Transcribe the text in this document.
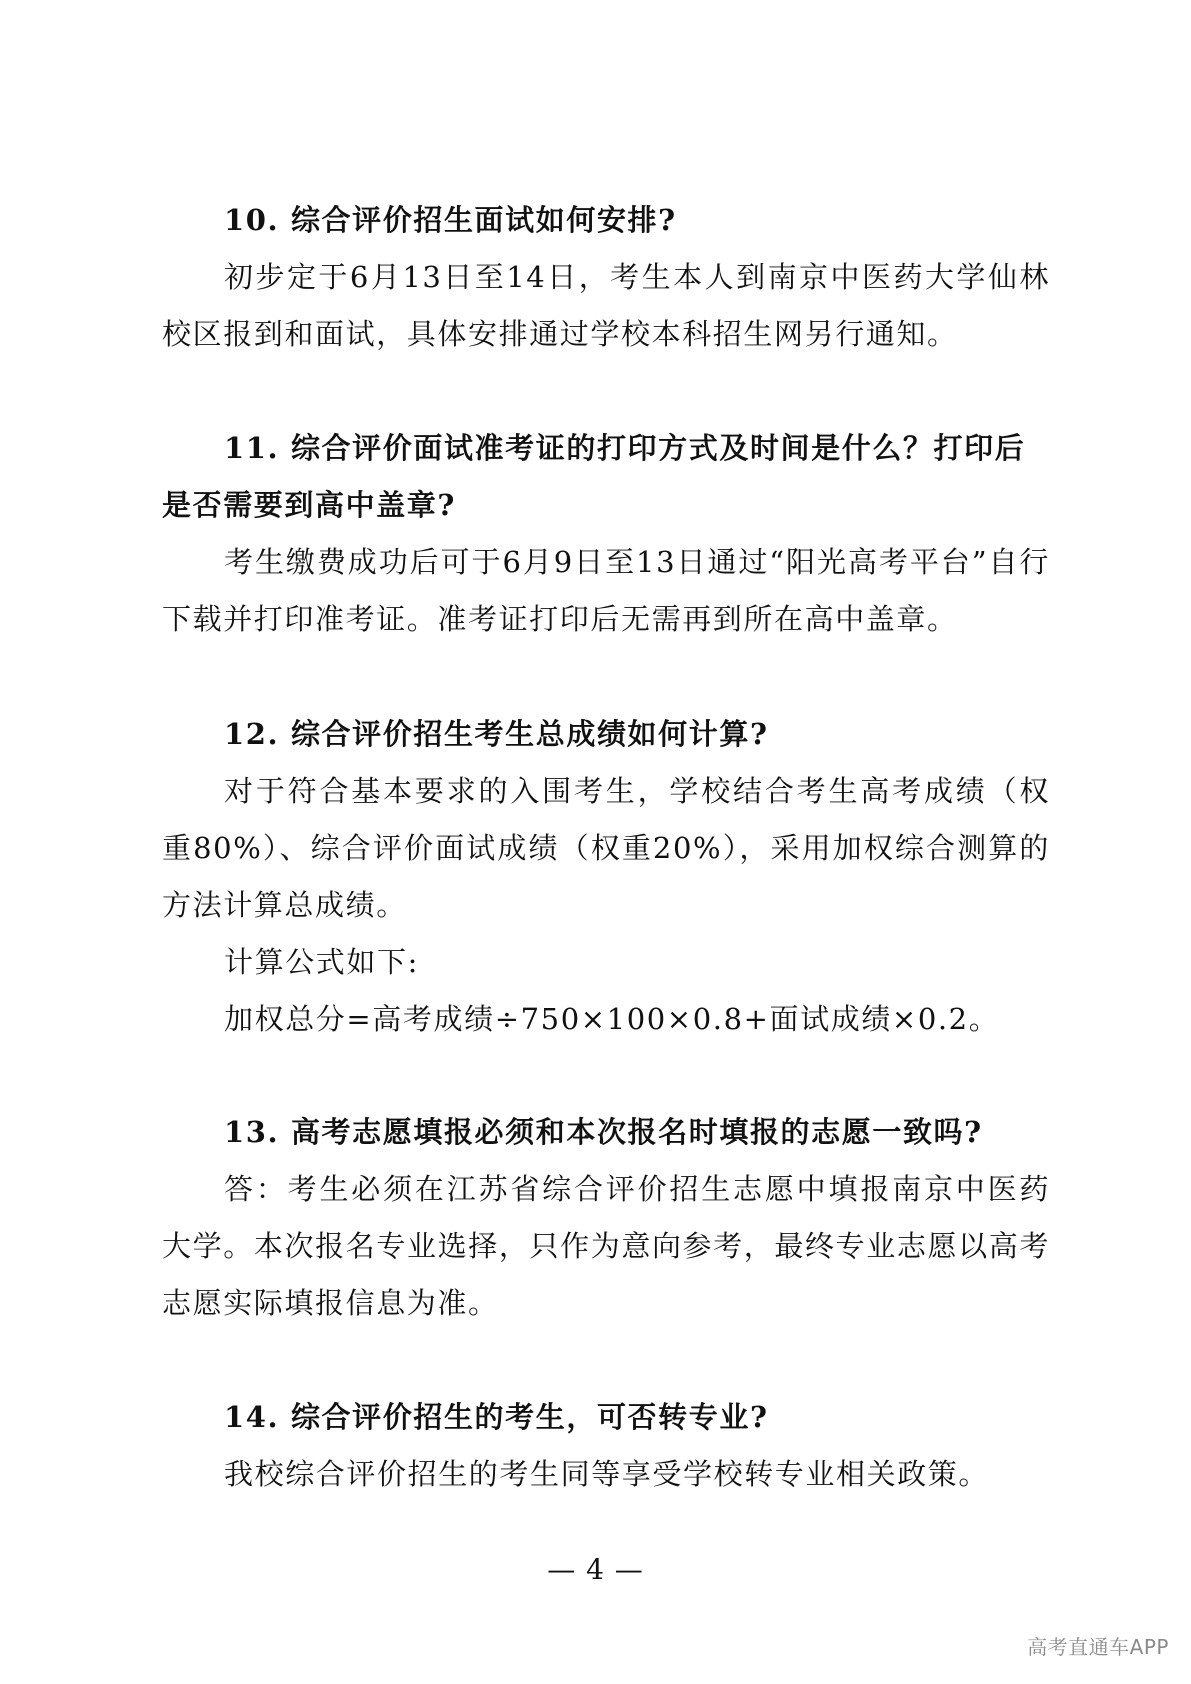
10. 综合评价招生面试如何安排?

初步定于6月13日至14日，考生本人到南京中医药大学仙林校区报到和面试，具体安排通过学校本科招生网另行通知。

11. 综合评价面试准考证的打印方式及时间是什么？打印后是否需要到高中盖章?

考生缴费成功后可于6月9日至13日通过“阳光高考平台”自行下载并打印准考证。准考证打印后无需再到所在高中盖章。

12. 综合评价招生考生总成绩如何计算?

对于符合基本要求的入围考生，学校结合考生高考成绩（权重80%）、综合评价面试成绩（权重20%），采用加权综合测算的方法计算总成绩。

计算公式如下:

加权总分=高考成绩÷750×100×0.8+面试成绩×0.2。

13. 高考志愿填报必须和本次报名时填报的志愿一致吗?

答：考生必须在江苏省综合评价招生志愿中填报南京中医药大学。本次报名专业选择，只作为意向参考，最终专业志愿以高考志愿实际填报信息为准。

14. 综合评价招生的考生，可否转专业?

我校综合评价招生的考生同等享受学校转专业相关政策。

— 4 —
高考直通车APP
